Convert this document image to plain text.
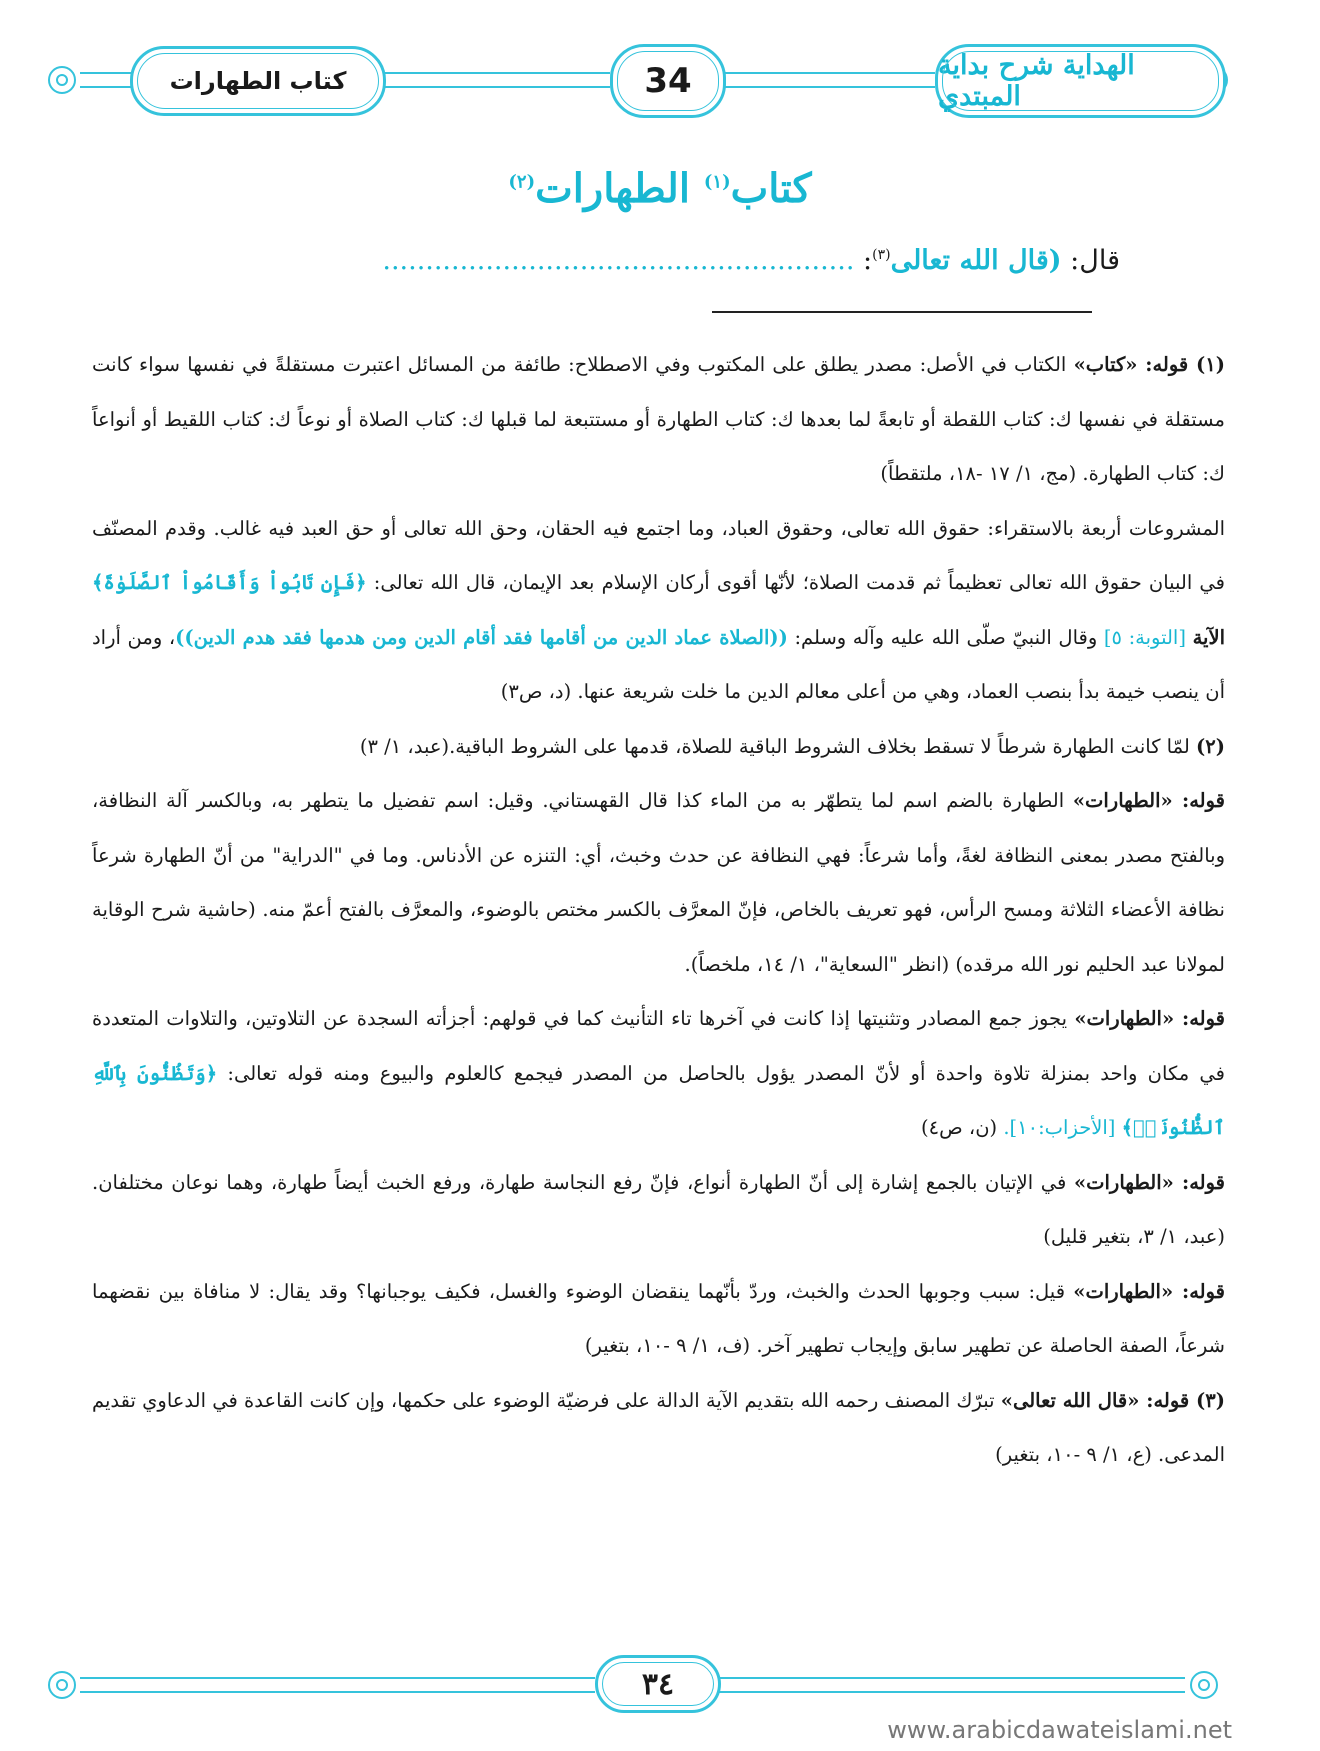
كتاب الطهارات	34	الهداية شرح بداية المبتدي
كتاب$^{(١)}$ الطهارات$^{(٢)}$
قال: (قال الله تعالى$^{(٣)}$: .......................................................

(١) قوله: «كتاب» الكتاب في الأصل: مصدر يطلق على المكتوب وفي الاصطلاح: طائفة من المسائل اعتبرت مستقلةً في نفسها سواء كانت مستقلة في نفسها ك: كتاب اللقطة أو تابعةً لما بعدها ك: كتاب الطهارة أو مستتبعة لما قبلها ك: كتاب الصلاة أو نوعاً ك: كتاب اللقيط أو أنواعاً ك: كتاب الطهارة. (مج، ١/ ١٧ -١٨، ملتقطاً)

المشروعات أربعة بالاستقراء: حقوق الله تعالى، وحقوق العباد، وما اجتمع فيه الحقان، وحق الله تعالى أو حق العبد فيه غالب. وقدم المصنّف في البيان حقوق الله تعالى تعظيماً ثم قدمت الصلاة؛ لأنّها أقوى أركان الإسلام بعد الإيمان، قال الله تعالى: ﴿فَإِن تَابُواْ وَأَقَامُواْ ٱلصَّلَوٰةَ﴾ الآية [التوبة: ٥] وقال النبيّ صلّى الله عليه وآله وسلم: ((الصلاة عماد الدين من أقامها فقد أقام الدين ومن هدمها فقد هدم الدين))، ومن أراد أن ينصب خيمة بدأ بنصب العماد، وهي من أعلى معالم الدين ما خلت شريعة عنها. (د، ص٣)

(٢) لمّا كانت الطهارة شرطاً لا تسقط بخلاف الشروط الباقية للصلاة، قدمها على الشروط الباقية.(عبد، ١/ ٣)

قوله: «الطهارات» الطهارة بالضم اسم لما يتطهّر به من الماء كذا قال القهستاني. وقيل: اسم تفضيل ما يتطهر به، وبالكسر آلة النظافة، وبالفتح مصدر بمعنى النظافة لغةً، وأما شرعاً: فهي النظافة عن حدث وخبث، أي: التنزه عن الأدناس. وما في "الدراية" من أنّ الطهارة شرعاً نظافة الأعضاء الثلاثة ومسح الرأس، فهو تعريف بالخاص، فإنّ المعرَّف بالكسر مختص بالوضوء، والمعرَّف بالفتح أعمّ منه. (حاشية شرح الوقاية لمولانا عبد الحليم نور الله مرقده) (انظر "السعاية"، ١/ ١٤، ملخصاً).

قوله: «الطهارات» يجوز جمع المصادر وتثنيتها إذا كانت في آخرها تاء التأنيث كما في قولهم: أجزأته السجدة عن التلاوتين، والتلاوات المتعددة في مكان واحد بمنزلة تلاوة واحدة أو لأنّ المصدر يؤول بالحاصل من المصدر فيجمع كالعلوم والبيوع ومنه قوله تعالى: ﴿وَتَظُنُّونَ بِٱللَّهِ ٱلظُّنُونَا۠﴾ [الأحزاب:١٠]. (ن، ص٤)

قوله: «الطهارات» في الإتيان بالجمع إشارة إلى أنّ الطهارة أنواع، فإنّ رفع النجاسة طهارة، ورفع الخبث أيضاً طهارة، وهما نوعان مختلفان. (عبد، ١/ ٣، بتغير قليل)

قوله: «الطهارات» قيل: سبب وجوبها الحدث والخبث، وردّ بأنّهما ينقضان الوضوء والغسل، فكيف يوجبانها؟ وقد يقال: لا منافاة بين نقضهما شرعاً، الصفة الحاصلة عن تطهير سابق وإيجاب تطهير آخر. (ف، ١/ ٩ -١٠، بتغير)

(٣) قوله: «قال الله تعالى» تبرّك المصنف رحمه الله بتقديم الآية الدالة على فرضيّة الوضوء على حكمها، وإن كانت القاعدة في الدعاوي تقديم المدعى. (ع، ١/ ٩ -١٠، بتغير)

٣٤
www.arabicdawateislami.net
